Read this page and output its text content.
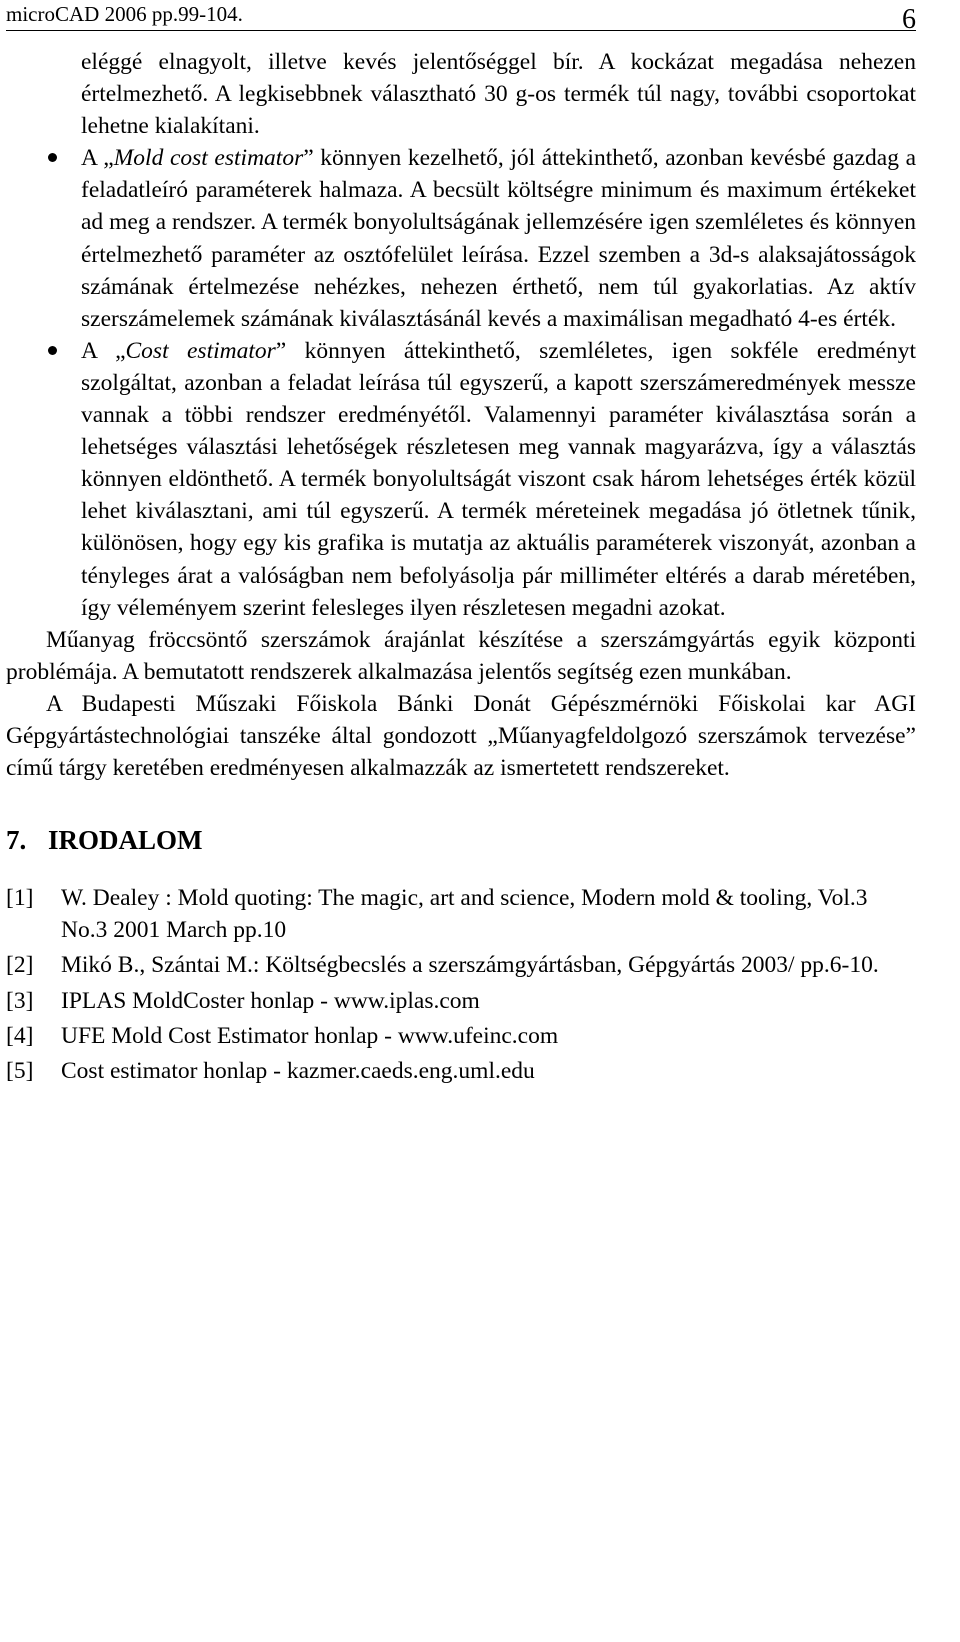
microCAD 2006 pp.99-104.	6

eléggé elnagyolt, illetve kevés jelentőséggel bír. A kockázat megadása nehezen értelmezhető. A legkisebbnek választható 30 g-os termék túl nagy, további csoportokat lehetne kialakítani.

A „Mold cost estimator” könnyen kezelhető, jól áttekinthető, azonban kevésbé gazdag a feladatleíró paraméterek halmaza. A becsült költségre minimum és maximum értékeket ad meg a rendszer. A termék bonyolultságának jellemzésére igen szemléletes és könnyen értelmezhető paraméter az osztófelület leírása. Ezzel szemben a 3d-s alaksajátosságok számának értelmezése nehézkes, nehezen érthető, nem túl gyakorlatias. Az aktív szerszámelemek számának kiválasztásánál kevés a maximálisan megadható 4-es érték.
A „Cost estimator” könnyen áttekinthető, szemléletes, igen sokféle eredményt szolgáltat, azonban a feladat leírása túl egyszerű, a kapott szerszámeredmények messze vannak a többi rendszer eredményétől. Valamennyi paraméter kiválasztása során a lehetséges választási lehetőségek részletesen meg vannak magyarázva, így a választás könnyen eldönthető. A termék bonyolultságát viszont csak három lehetséges érték közül lehet kiválasztani, ami túl egyszerű. A termék méreteinek megadása jó ötletnek tűnik, különösen, hogy egy kis grafika is mutatja az aktuális paraméterek viszonyát, azonban a tényleges árat a valóságban nem befolyásolja pár milliméter eltérés a darab méretében, így véleményem szerint felesleges ilyen részletesen megadni azokat.

Műanyag fröccsöntő szerszámok árajánlat készítése a szerszámgyártás egyik központi problémája. A bemutatott rendszerek alkalmazása jelentős segítség ezen munkában.

A Budapesti Műszaki Főiskola Bánki Donát Gépészmérnöki Főiskolai kar AGI Gépgyártástechnológiai tanszéke által gondozott „Műanyagfeldolgozó szerszámok tervezése” című tárgy keretében eredményesen alkalmazzák az ismertetett rendszereket.

7. IRODALOM
[1] W. Dealey : Mold quoting: The magic, art and science, Modern mold & tooling, Vol.3 No.3 2001 March pp.10
[2] Mikó B., Szántai M.: Költségbecslés a szerszámgyártásban, Gépgyártás 2003/ pp.6-10.
[3] IPLAS MoldCoster honlap - www.iplas.com
[4] UFE Mold Cost Estimator honlap - www.ufeinc.com
[5] Cost estimator honlap - kazmer.caeds.eng.uml.edu
